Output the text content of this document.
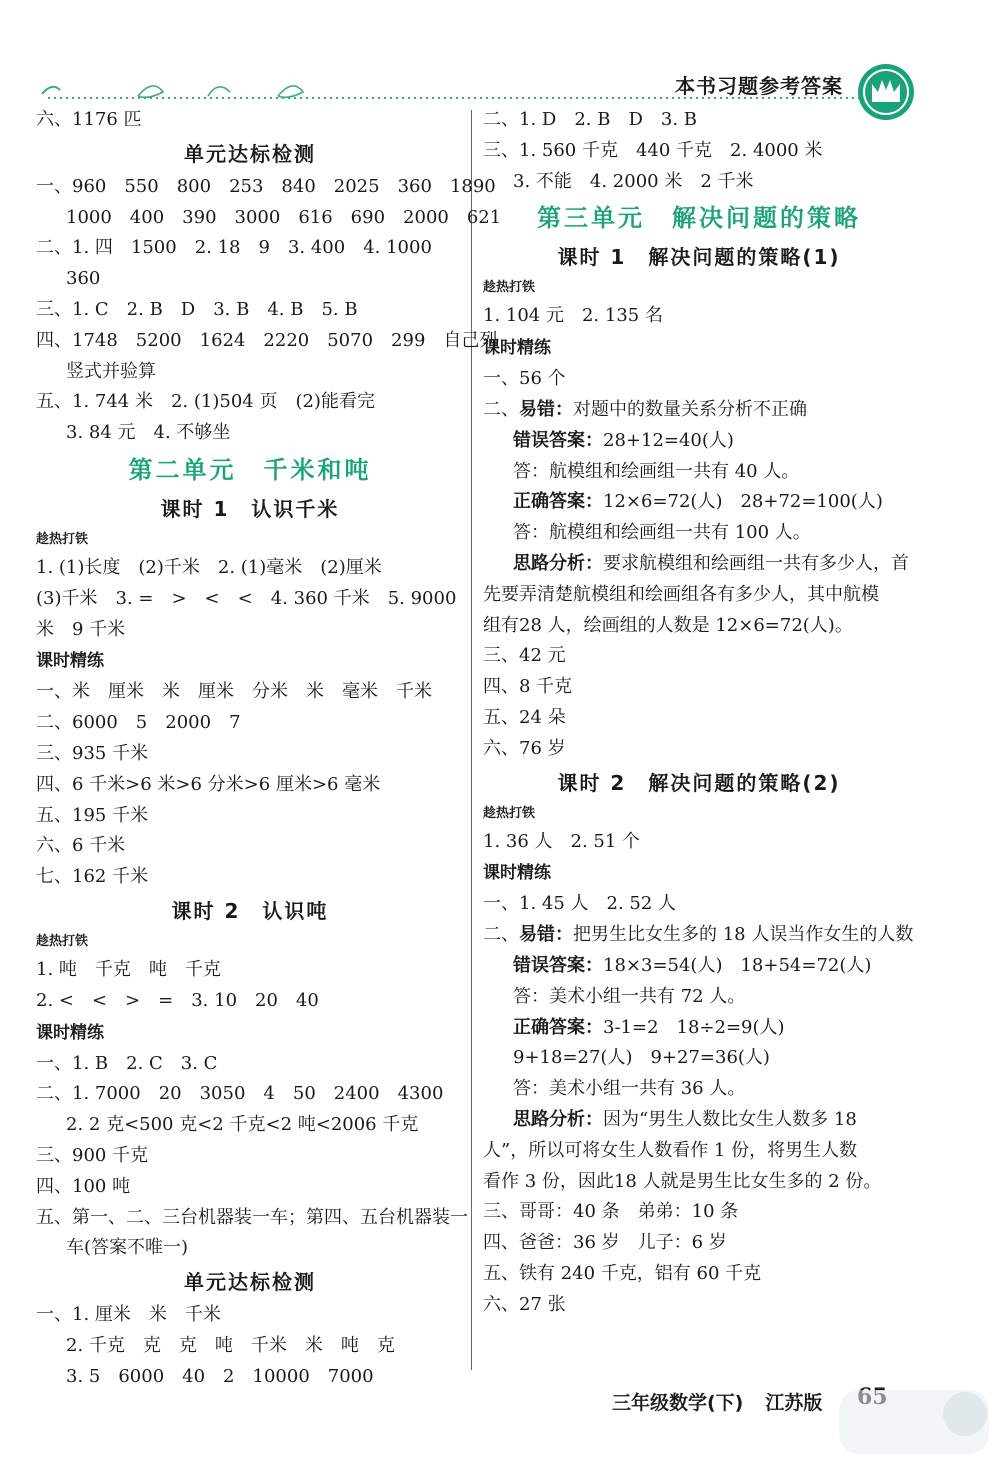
本书习题参考答案
六、1176 匹
单元达标检测
一、960　550　800　253　840　2025　360　1890
1000　400　390　3000　616　690　2000　621
二、1. 四　1500　2. 18　9　3. 400　4. 1000
360
三、1. C　2. B　D　3. B　4. B　5. B
四、1748　5200　1624　2220　5070　299　自己列
竖式并验算
五、1. 744 米　2. (1)504 页　(2)能看完
3. 84 元　4. 不够坐
第二单元　千米和吨
课时 1　认识千米
趁热打铁
1. (1)长度　(2)千米　2. (1)毫米　(2)厘米
(3)千米　3. =　>　<　<　4. 360 千米　5. 9000
米　9 千米
课时精练
一、米　厘米　米　厘米　分米　米　毫米　千米
二、6000　5　2000　7
三、935 千米
四、6 千米>6 米>6 分米>6 厘米>6 毫米
五、195 千米
六、6 千米
七、162 千米
课时 2　认识吨
趁热打铁
1. 吨　千克　吨　千克
2. <　<　>　=　3. 10　20　40
课时精练
一、1. B　2. C　3. C
二、1. 7000　20　3050　4　50　2400　4300
2. 2 克<500 克<2 千克<2 吨<2006 千克
三、900 千克
四、100 吨
五、第一、二、三台机器装一车；第四、五台机器装一
车(答案不唯一)
单元达标检测
一、1. 厘米　米　千米
2. 千克　克　克　吨　千米　米　吨　克
3. 5　6000　40　2　10000　7000
二、1. D　2. B　D　3. B
三、1. 560 千克　440 千克　2. 4000 米
3. 不能　4. 2000 米　2 千米
第三单元　解决问题的策略
课时 1　解决问题的策略(1)
趁热打铁
1. 104 元　2. 135 名
课时精练
一、56 个
二、易错：对题中的数量关系分析不正确
错误答案：28+12=40(人)
答：航模组和绘画组一共有 40 人。
正确答案：12×6=72(人)　28+72=100(人)
答：航模组和绘画组一共有 100 人。
思路分析：要求航模组和绘画组一共有多少人，首
先要弄清楚航模组和绘画组各有多少人，其中航模
组有28 人，绘画组的人数是 12×6=72(人)。
三、42 元
四、8 千克
五、24 朵
六、76 岁
课时 2　解决问题的策略(2)
趁热打铁
1. 36 人　2. 51 个
课时精练
一、1. 45 人　2. 52 人
二、易错：把男生比女生多的 18 人误当作女生的人数
错误答案：18×3=54(人)　18+54=72(人)
答：美术小组一共有 72 人。
正确答案：3-1=2　18÷2=9(人)
9+18=27(人)　9+27=36(人)
答：美术小组一共有 36 人。
思路分析：因为“男生人数比女生人数多 18
人”，所以可将女生人数看作 1 份，将男生人数
看作 3 份，因此18 人就是男生比女生多的 2 份。
三、哥哥：40 条　弟弟：10 条
四、爸爸：36 岁　儿子：6 岁
五、铁有 240 千克，铝有 60 千克
六、27 张
三年级数学(下) 江苏版
